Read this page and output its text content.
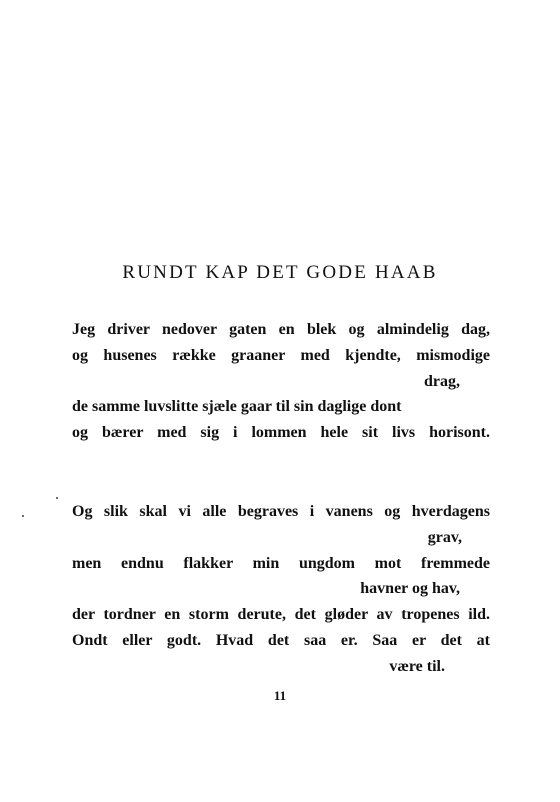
RUNDT KAP DET GODE HAAB
Jeg driver nedover gaten en blek og almindelig dag,
og husenes række graaner med kjendte, mismodige
drag,
de samme luvslitte sjæle gaar til sin daglige dont
og bærer med sig i lommen hele sit livs horisont.
Og slik skal vi alle begraves i vanens og hverdagens
grav,
men endnu flakker min ungdom mot fremmede
havner og hav,
der tordner en storm derute, det gløder av tropenes ild.
Ondt eller godt. Hvad det saa er. Saa er det at
være til.
11
